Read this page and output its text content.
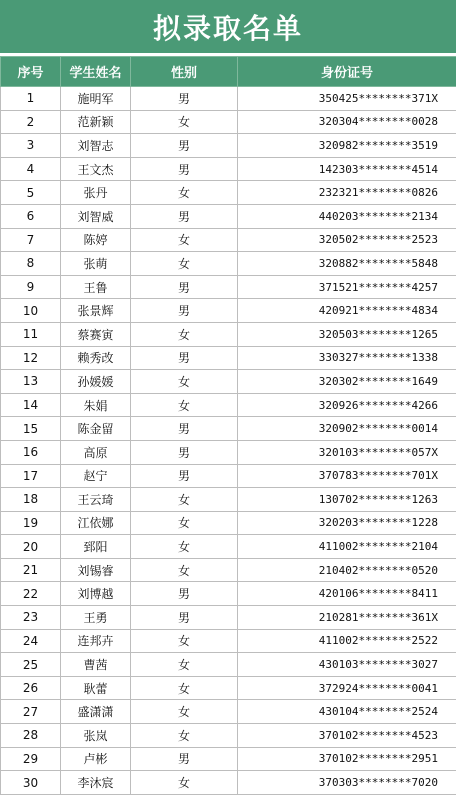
拟录取名单
序号	学生姓名	性别	身份证号
1	施明军	男	350425********371X
2	范新颖	女	320304********0028
3	刘智志	男	320982********3519
4	王文杰	男	142303********4514
5	张丹	女	232321********0826
6	刘智威	男	440203********2134
7	陈婷	女	320502********2523
8	张萌	女	320882********5848
9	王鲁	男	371521********4257
10	张景辉	男	420921********4834
11	蔡赛寅	女	320503********1265
12	赖秀改	男	330327********1338
13	孙媛媛	女	320302********1649
14	朱娟	女	320926********4266
15	陈金留	男	320902********0014
16	高原	男	320103********057X
17	赵宁	男	370783********701X
18	王云琦	女	130702********1263
19	江依娜	女	320203********1228
20	郅阳	女	411002********2104
21	刘锡睿	女	210402********0520
22	刘博越	男	420106********8411
23	王勇	男	210281********361X
24	连邦卉	女	411002********2522
25	曹茜	女	430103********3027
26	耿蕾	女	372924********0041
27	盛潇潇	女	430104********2524
28	张岚	女	370102********4523
29	卢彬	男	370102********2951
30	李沐宸	女	370303********7020
